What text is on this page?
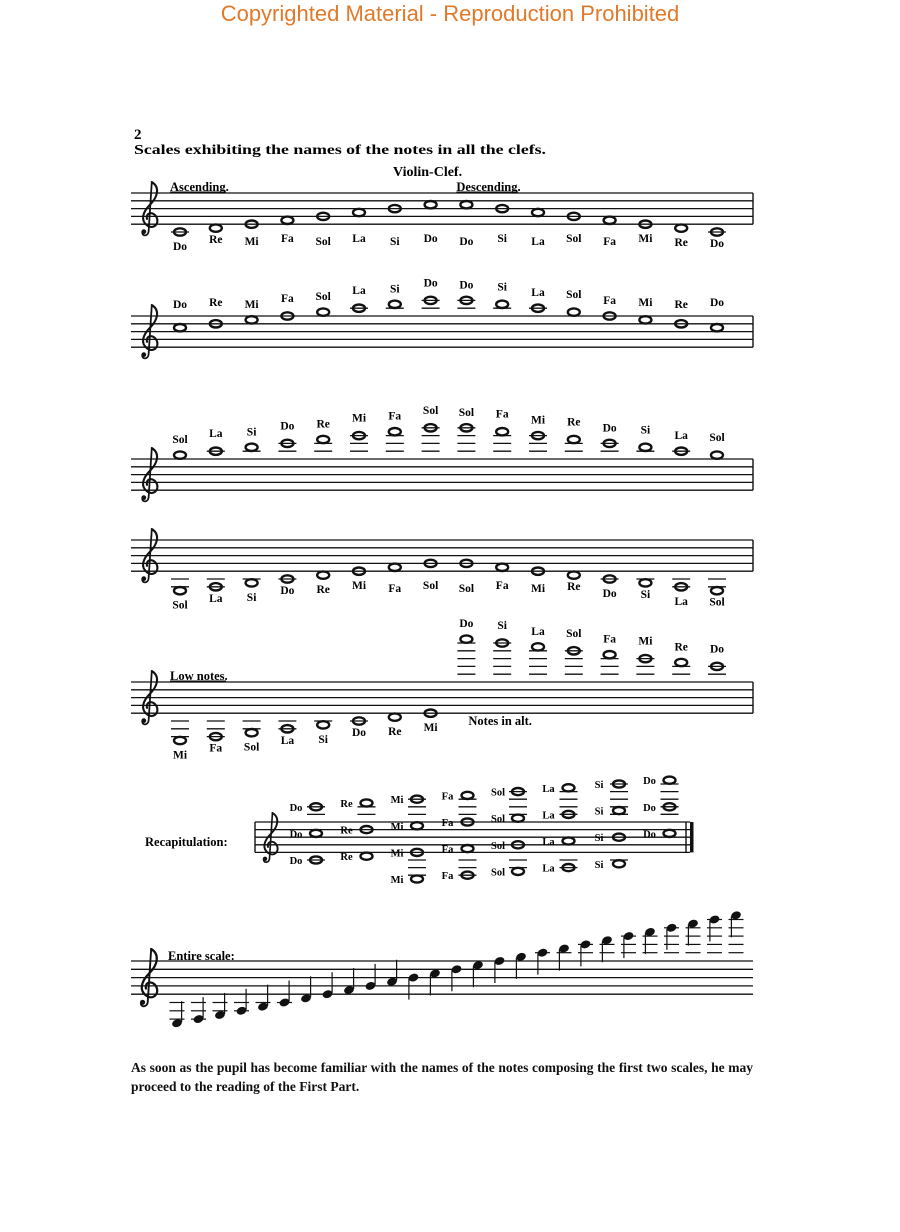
Copyrighted Material - Reproduction Prohibited
2
Scales exhibiting the names of the notes in all the clefs.
Violin-Clef.
Do
Re Mi Fa Sol La Si Do Do Si La Sol Fa Mi Re Do
Ascending.	Descending.
Do Re Mi Fa Sol La Si Do Do Si La Sol Fa Mi Re Do
Sol La Si Do Re Mi Fa Sol Sol Fa Mi Re Do Si La Sol
Sol
La Si
Do Re Mi Fa Sol Sol Fa Mi Re
Do Si
La Sol
Mi
Fa Sol
La Si
Do Re Mi
Do Si La Sol Fa Mi Re Do
Low notes.
Notes in alt.
Recapitulation:
Do
Do
Do
Re
Re
Re
Mi
Mi
Mi
Mi
Fa
Fa
Fa
Fa
Sol
Sol
Sol
Sol
La
La
La
La
Si
Si
Si
Si
Do
Do
Do
Entire scale:
As soon as the pupil has become familiar with the names of the notes composing the first two scales, he may proceed to the reading of the First Part.
